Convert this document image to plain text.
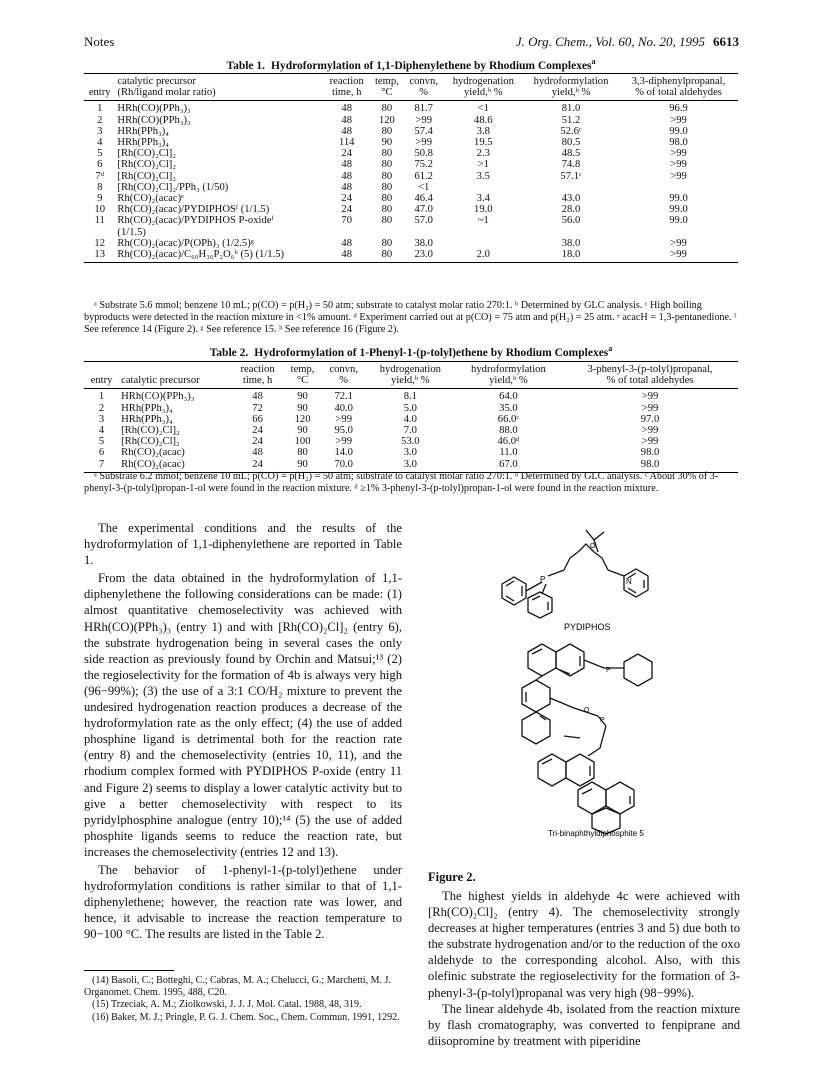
Notes	J. Org. Chem., Vol. 60, No. 20, 1995 6613
Table 1. Hydroformylation of 1,1-Diphenylethene by Rhodium Complexes$^a$
	catalytic precursor	reaction	temp,	convn,	hydrogenation	hydroformylation	3,3-diphenylpropanal,
entry	(Rh/ligand molar ratio)	time, h	°C	%	yield,ᵇ %	yield,ᵇ %	% of total aldehydes
1	HRh(CO)(PPh₃)₃	48	80	81.7	<1	81.0	96.9
2	HRh(CO)(PPh₃)₃	48	120	>99	48.6	51.2	>99
3	HRh(PPh₃)₄	48	80	57.4	3.8	52.6ᶜ	99.0
4	HRh(PPh₃)₄	114	90	>99	19.5	80.5	98.0
5	[Rh(CO)₂Cl]₂	24	80	50.8	2.3	48.5	>99
6	[Rh(CO)₂Cl]₂	48	80	75.2	>1	74.8	>99
7ᵈ	[Rh(CO)₂Cl]₂	48	80	61.2	3.5	57.1ᶜ	>99
8	[Rh(CO)₂Cl]₂/PPh₃ (1/50)	48	80	<1			
9	Rh(CO)₂(acac)ᵉ	24	80	46.4	3.4	43.0	99.0
10	Rh(CO)₂(acac)/PYDIPHOSᶠ (1/1.5)	24	80	47.0	19.0	28.0	99.0
11	Rh(CO)₂(acac)/PYDIPHOS P-oxideᶠ	70	80	57.0	~1	56.0	99.0
	(1/1.5)						
12	Rh(CO)₂(acac)/P(OPh)₃ (1/2.5)ᵍ	48	80	38.0		38.0	>99
13	Rh(CO)₂(acac)/C₆₀H₃₆P₂O₆ʰ (5) (1/1.5)	48	80	23.0	2.0	18.0	>99

ᵃ Substrate 5.6 mmol; benzene 10 mL; p(CO) = p(H₂) = 50 atm; substrate to catalyst molar ratio 270:1. ᵇ Determined by GLC analysis. ᶜ High boiling byproducts were detected in the reaction mixture in <1% amount. ᵈ Experiment carried out at p(CO) = 75 atm and p(H₂) = 25 atm. ᵉ acacH = 1,3-pentanedione. ᶠ See reference 14 (Figure 2). ᵍ See reference 15. ʰ See reference 16 (Figure 2).

Table 2. Hydroformylation of 1-Phenyl-1-(p-tolyl)ethene by Rhodium Complexes$^a$
		reaction	temp,	convn,	hydrogenation	hydroformylation	3-phenyl-3-(p-tolyl)propanal,
entry	catalytic precursor	time, h	°C	%	yield,ᵇ %	yield,ᵇ %	% of total aldehydes
1	HRh(CO)(PPh₃)₃	48	90	72.1	8.1	64.0	>99
2	HRh(PPh₃)₄	72	90	40.0	5.0	35.0	>99
3	HRh(PPh₃)₄	66	120	>99	4.0	66.0ᶜ	97.0
4	[Rh(CO)₂Cl]₂	24	90	95.0	7.0	88.0	>99
5	[Rh(CO)₂Cl]₂	24	100	>99	53.0	46.0ᵈ	>99
6	Rh(CO)₂(acac)	48	80	14.0	3.0	11.0	98.0
7	Rh(CO)₂(acac)	24	90	70.0	3.0	67.0	98.0

ᵃ Substrate 6.2 mmol; benzene 10 mL; p(CO) = p(H₂) = 50 atm; substrate to catalyst molar ratio 270:1. ᵇ Determined by GLC analysis. ᶜ About 30% of 3-phenyl-3-(p-tolyl)propan-1-ol were found in the reaction mixture. ᵈ ≥1% 3-phenyl-3-(p-tolyl)propan-1-ol were found in the reaction mixture.

The experimental conditions and the results of the hydroformylation of 1,1-diphenylethene are reported in Table 1.

From the data obtained in the hydroformylation of 1,1-diphenylethene the following considerations can be made: (1) almost quantitative chemoselectivity was achieved with HRh(CO)(PPh₃)₃ (entry 1) and with [Rh(CO)₂Cl]₂ (entry 6), the substrate hydrogenation being in several cases the only side reaction as previously found by Orchin and Matsui;¹³ (2) the regioselectivity for the formation of 4b is always very high (96−99%); (3) the use of a 3:1 CO/H₂ mixture to prevent the undesired hydrogenation reaction produces a decrease of the hydroformylation rate as the only effect; (4) the use of added phosphine ligand is detrimental both for the reaction rate (entry 8) and the chemoselectivity (entries 10, 11), and the rhodium complex formed with PYDIPHOS P-oxide (entry 11 and Figure 2) seems to display a lower catalytic activity but to give a better chemoselectivity with respect to its pyridylphosphine analogue (entry 10);¹⁴ (5) the use of added phosphite ligands seems to reduce the reaction rate, but increases the chemoselectivity (entries 12 and 13).

The behavior of 1-phenyl-1-(p-tolyl)ethene under hydroformylation conditions is rather similar to that of 1,1-diphenylethene; however, the reaction rate was lower, and hence, it advisable to increase the reaction temperature to 90−100 °C. The results are listed in the Table 2.

(14) Basoli, C.; Botteghi, C.; Cabras, M. A.; Chelucci, G.; Marchetti, M. J. Organomet. Chem. 1995, 488, C20.

(15) Trzeciak, A. M.; Ziolkowski, J. J. J. Mol. Catal. 1988, 48, 319.

(16) Baker, M. J.; Pringle, P. G. J. Chem. Soc., Chem. Commun. 1991, 1292.

P	N
O
PYDIPHOS
P
P
O
Tri-binaphthyldiphosphite 5
Figure 2.

The highest yields in aldehyde 4c were achieved with [Rh(CO)₂Cl]₂ (entry 4). The chemoselectivity strongly decreases at higher temperatures (entries 3 and 5) due both to the substrate hydrogenation and/or to the reduction of the oxo aldehyde to the corresponding alcohol. Also, with this olefinic substrate the regioselectivity for the formation of 3-phenyl-3-(p-tolyl)propanal was very high (98−99%).

The linear aldehyde 4b, isolated from the reaction mixture by flash cromatography, was converted to fenpiprane and diisopromine by treatment with piperidine
